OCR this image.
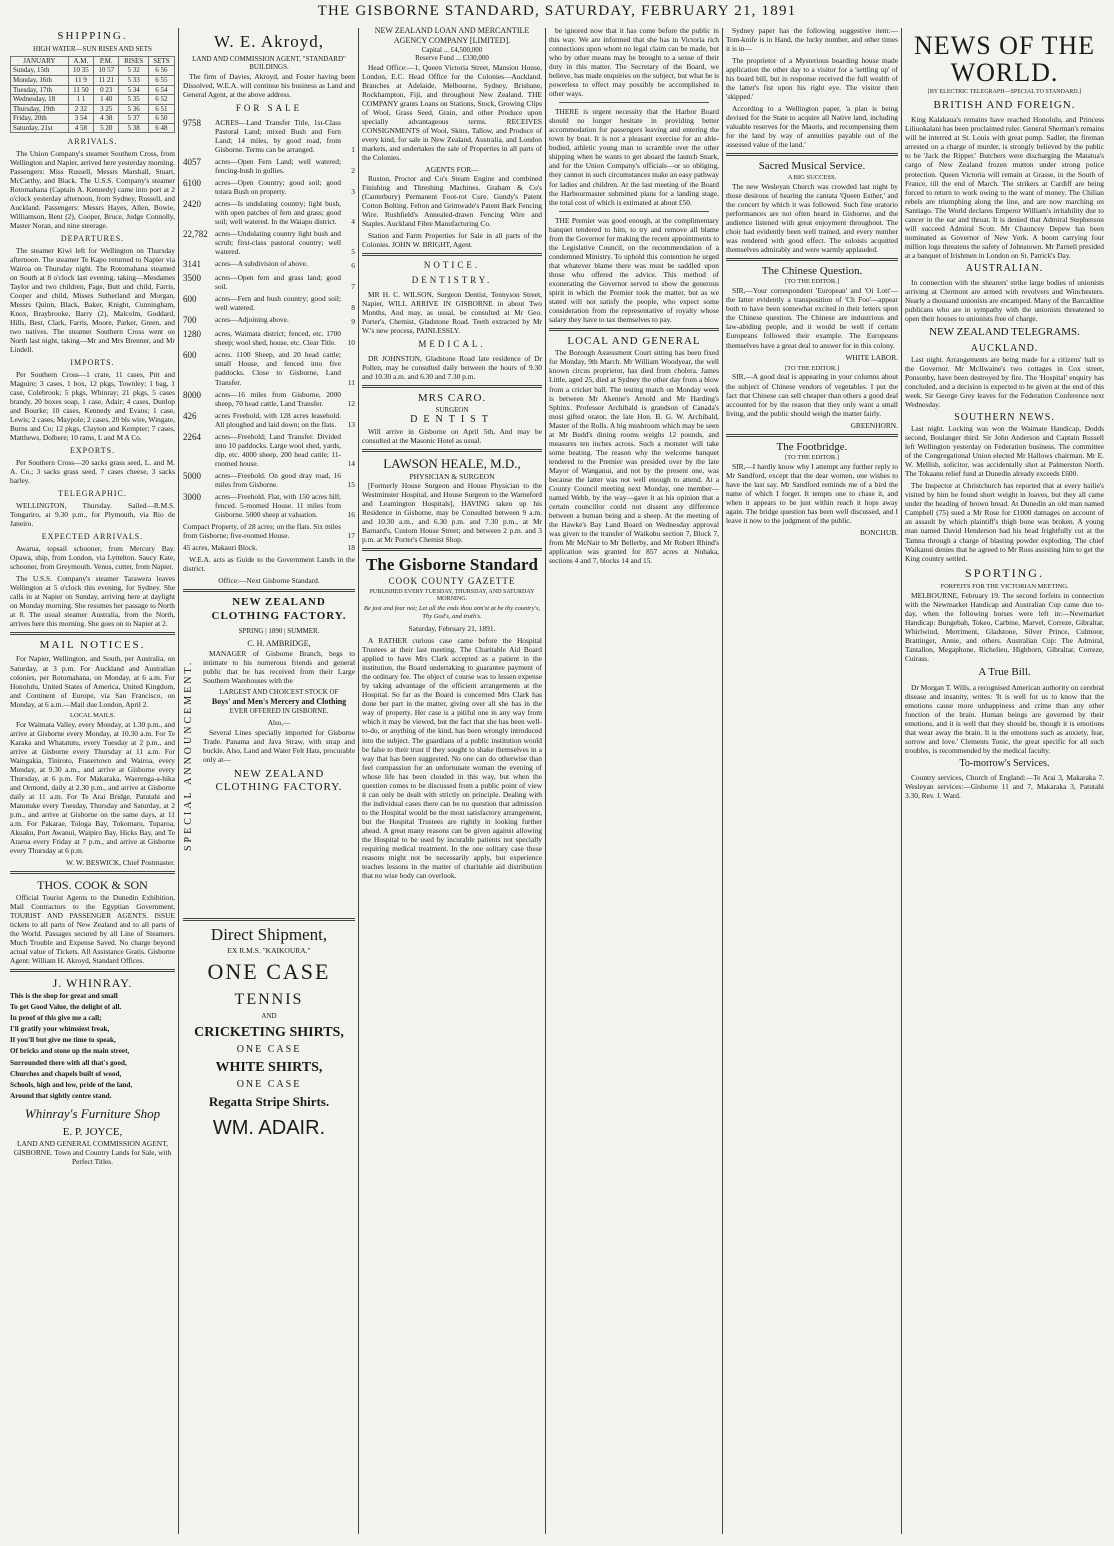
THE GISBORNE STANDARD, SATURDAY, FEBRUARY 21, 1891
SHIPPING.
HIGH WATER—SUN RISES AND SETS
JANUARY	A.M.	P.M.	RISES	SETS
Sunday, 15th	10 35	10 57	5 32	6 56
Monday, 16th	11 9	11 21	5 33	6 55
Tuesday, 17th	11 50	0 23	5 34	6 54
Wednesday, 18	1 1	1 40	5 35	6 52
Thursday, 19th	2 32	3 25	5 36	6 51
Friday, 20th	3 54	4 38	5 37	6 50
Saturday, 21st	4 58	5 20	5 38	6 48
ARRIVALS.

The Union Company's steamer Southern Cross, from Wellington and Napier, arrived here yesterday morning. Passengers: Miss Russell, Messrs Marshall, Stuart, McCarthy, and Black. The U.S.S. Company's steamer Rotomahana (Captain A. Kennedy) came into port at 2 o'clock yesterday afternoon, from Sydney, Russell, and Auckland. Passengers: Messrs Hayes, Allen, Bowie, Williamson, Bent (2), Cooper, Bruce, Judge Connolly, Master Noran, and nine steerage.

DEPARTURES.

The steamer Kiwi left for Wellington on Thursday afternoon. The steamer Te Kapo returned to Napier via Wairoa on Thursday night. The Rotomahana steamed on South at 8 o'clock last evening, taking—Mesdames Taylor and two children, Page, Butt and child, Farris, Cooper and child, Misses Sutherland and Morgan, Messrs Quinn, Black, Baker, Knight, Cunningham, Knox, Braybrooke, Barry (2), Malcolm, Goddard, Hills, Best, Clark, Farris, Moore, Parker, Green, and two natives. The steamer Southern Cross went on North last night, taking—Mr and Mrs Brenner, and Mr Lindell.

IMPORTS.

Per Southern Cross—1 crate, 11 cases, Pitt and Maguire; 3 cases, 1 box, 12 pkgs, Townley; 1 bag, 1 case, Colebrook; 5 pkgs, Whinray; 21 pkgs, 5 cases brandy, 20 boxes soap, 1 case, Adair; 4 cases, Dunlop and Bourke; 10 cases, Kennedy and Evans; 1 case, Lewis; 2 cases, Maypole; 2 cases, 20 bls wire, Wingate, Burns and Co; 12 pkgs, Clayton and Kempter; 7 cases, Matthews, Dolbere; 10 rams, L and M A Co.

EXPORTS.

Per Southern Cross—20 sacks grass seed, L. and M. A. Co.; 3 sacks grass seed, 7 cases cheese, 3 sacks barley.

TELEGRAPHIC.

WELLINGTON, Thursday. Sailed—R.M.S. Tongariro, at 9.30 p.m., for Plymouth, via Rio de Janeiro.

EXPECTED ARRIVALS.

Awarua, topsail schooner, from Mercury Bay. Opawa, ship, from London, via Lyttelton. Saucy Kate, schooner, from Greymouth. Venus, cutter, from Napier.

The U.S.S. Company's steamer Tarawera leaves Wellington at 5 o'clock this evening, for Sydney. She calls in at Napier on Sunday, arriving here at daylight on Monday morning. She resumes her passage to North at 8. The usual steamer Australia, from the North, arrives here this morning. She goes on to Napier at 2.

MAIL NOTICES.

For Napier, Wellington, and South, per Australia, on Saturday, at 3 p.m. For Auckland and Australian colonies, per Rotomahana, on Monday, at 6 a.m. For Honolulu, United States of America, United Kingdom, and Continent of Europe, via San Francisco, on Monday, at 6 a.m.—Mail due London, April 2.

LOCAL MAILS.

For Waimata Valley, every Monday, at 1.30 p.m., and arrive at Gisborne every Monday, at 10.30 a.m. For Te Karaka and Whatatutu, every Tuesday at 2 p.m., and arrive at Gisborne every Thursday at 11 a.m. For Waingakia, Tiniroto, Frasertown and Wairoa, every Monday, at 9.30 a.m., and arrive at Gisborne every Thursday, at 6 p.m. For Makaraka, Waerenga-a-hika and Ormond, daily at 2.30 p.m., and arrive at Gisborne daily at 11 a.m. For Te Arai Bridge, Patutahi and Manutuke every Tuesday, Thursday and Saturday, at 2 p.m., and arrive at Gisborne on the same days, at 11 a.m. For Pakarae, Tologa Bay, Tokomaru, Tuparoa, Akuaku, Port Awanui, Waipiro Bay, Hicks Bay, and Te Araroa every Friday at 7 p.m., and arrive at Gisborne every Thursday at 6 p.m.

W. W. BESWICK, Chief Postmaster.

THOS. COOK & SON

Official Tourist Agents to the Dunedin Exhibition, Mail Contractors to the Egyptian Government, TOURIST AND PASSENGER AGENTS. ISSUE tickets to all parts of New Zealand and to all parts of the World. Passages secured by all Line of Steamers. Much Trouble and Expense Saved. No charge beyond actual value of Tickets. All Assistance Gratis. Gisborne Agent: William H. Akroyd, Standard Offices.

J. WHINRAY.
This is the shop for great and small
To get Good Value, the delight of all.
In proof of this give me a call;
I'll gratify your whimsiest freak,
If you'll but give me time to speak,
Of bricks and stone up the main street,
Surrounded there with all that's good,
Churches and chapels built of wood,
Schools, high and low, pride of the land,
Around that sightly centre stand.
Whinray's Furniture Shop
E. P. JOYCE,

LAND AND GENERAL COMMISSION AGENT, GISBORNE. Town and Country Lands for Sale, with Perfect Titles.

W. E. Akroyd,
LAND AND COMMISSION AGENT, "STANDARD" BUILDINGS.

The firm of Davies, Akroyd, and Foster having been Dissolved, W.E.A. will continue his business as Land and General Agent, at the above address.

FOR SALE
9758	ACRES—Land Transfer Title, 1st-Class Pastoral Land; mixed Bush and Fern Land; 14 miles, by good road, from Gisborne. Terms can be arranged.	1
4057	acres—Open Fern Land; well watered; fencing-bush in gullies.	2
6100	acres—Open Country; good soil; good totara Bush on property.	3
2420	acres—Is undulating country; light bush, with open patches of fern and grass; good soil; well watered. In the Waiapu district.	4
22,782 acres—Undulating country light bush and scrub; first-class pastoral country; well watered.	5
3141	acres—A subdivision of above.	6
3500	acres—Open fern and grass land; good soil.	7
600	acres—Fern and bush country; good soil; well watered.	8
700	acres—Adjoining above.	9
1280	acres, Waimata district; fenced, etc. 1700 sheep; wool shed, house, etc. Clear Title.	10
600	acres. 1100 Sheep, and 20 head cattle; small House, and fenced into five paddocks. Close to Gisborne, Land Transfer.	11
8000	acres—16 miles from Gisborne, 2000 sheep, 70 head cattle, Land Transfer.	12
426	acres Freehold, with 128 acres leasehold. All ploughed and laid down; on the flats.	13
2264	acres—Freehold; Land Transfer. Divided into 10 paddocks. Large wool shed, yards, dip, etc. 4000 sheep, 200 head cattle; 11-roomed house.	14
5000	acres—Freehold. On good dray road, 16 miles from Gisborne.	15
3000	acres—Freehold. Flat, with 150 acres hill; fenced. 5-roomed House. 11 miles from Gisborne. 5000 sheep at valuation.	16
Compact Property, of 28 acres; on the flats. Six miles from Gisborne; five-roomed House.	17
45 acres, Makauri Block.	18

W.E.A. acts as Guide to the Government Lands in the district.

Office:—Next Gisborne Standard.

SPECIAL ANNOUNCEMENT.
NEW ZEALAND CLOTHING FACTORY.
SPRING | 1890 | SUMMER.
C. H. AMBRIDGE,

MANAGER of Gisborne Branch, begs to intimate to his numerous friends and general public that he has received from their Large Southern Warehouses with the

LARGEST AND CHOICEST STOCK OF
Boys' and Men's Mercery and Clothing
EVER OFFERED IN GISBORNE.
Also,—

Several Lines specially imported for Gisborne Trade. Panama and Java Straw, with strap and buckle. Also, Land and Water Felt Hats, procurable only at—

NEW ZEALAND CLOTHING FACTORY.
Direct Shipment,
EX R.M.S. "KAIKOURA."
ONE CASE
TENNIS
AND
CRICKETING SHIRTS,
ONE CASE
WHITE SHIRTS,
ONE CASE
Regatta Stripe Shirts.
WM. ADAIR.
NEW ZEALAND LOAN AND MERCANTILE AGENCY COMPANY [LIMITED].
Capital ... £4,500,000
Reserve Fund ... £330,000

Head Office:—1, Queen Victoria Street, Mansion House, London, E.C. Head Office for the Colonies—Auckland. Branches at Adelaide, Melbourne, Sydney, Brisbane, Rockhampton, Fiji, and throughout New Zealand. THE COMPANY grants Loans on Stations, Stock, Growing Clips of Wool, Grass Seed, Grain, and other Produce upon specially advantageous terms. RECEIVES CONSIGNMENTS of Wool, Skins, Tallow, and Produce of every kind, for sale in New Zealand, Australia, and London markets, and undertakes the sale of Properties in all parts of the Colonies.

AGENTS FOR—

Ruston, Proctor and Co's Steam Engine and combined Finishing and Threshing Machines. Graham & Co's (Canterbury) Permanent Foot-rot Cure. Gundy's Patent Cotton Bolting. Felton and Grimwade's Patent Bark Fencing Wire. Rushfield's Annealed-drawn Fencing Wire and Staples. Auckland Fibre Manufacturing Co.

Station and Farm Properties for Sale in all parts of the Colonies. JOHN W. BRIGHT, Agent.

NOTICE.
DENTISTRY.

MR H. C. WILSON, Surgeon Dentist, Tennyson Street, Napier, WILL ARRIVE IN GISBORNE in about Two Months, And may, as usual, be consulted at Mr Geo. Porter's, Chemist, Gladstone Road. Teeth extracted by Mr W.'s new process, PAINLESSLY.

MEDICAL.

DR JOHNSTON, Gladstone Road late residence of Dr Pollen, may be consulted daily between the hours of 9.30 and 10.30 a.m. and 6.30 and 7.30 p.m.

MRS CARO.
SURGEON
DENTIST

Will arrive in Gisborne on April 5th, And may be consulted at the Masonic Hotel as usual.

LAWSON HEALE, M.D.,
PHYSICIAN & SURGEON

[Formerly House Surgeon and House Physician to the Westminster Hospital, and House Surgeon to the Warneford and Leamington Hospitals], HAVING taken up his Residence in Gisborne, may be Consulted between 9 a.m. and 10.30 a.m., and 6.30 p.m. and 7.30 p.m., at Mr Barnard's, Custom House Street; and between 2 p.m. and 3 p.m. at Mr Porter's Chemist Shop.

The Gisborne Standard
COOK COUNTY GAZETTE
PUBLISHED EVERY TUESDAY, THURSDAY, AND SATURDAY MORNING.
Be just and fear not; Let all the ends thou aim'st at be thy country's, Thy God's, and truth's.
Saturday, February 21, 1891.

A RATHER curious case came before the Hospital Trustees at their last meeting. The Charitable Aid Board applied to have Mrs Clark accepted as a patient in the institution, the Board undertaking to guarantee payment of the ordinary fee. The object of course was to lessen expense by taking advantage of the efficient arrangements at the Hospital. So far as the Board is concerned Mrs Clark has done her part in the matter, giving over all she has in the way of property. Her case is a pitiful one in any way from which it may be viewed, but the fact that she has been well-to-do, or anything of the kind, has been wrongly introduced into the subject. The guardians of a public institution would be false to their trust if they sought to shake themselves in a way that has been suggested. No one can do otherwise than feel compassion for an unfortunate woman the evening of whose life has been clouded in this way, but when the question comes to be discussed from a public point of view it can only be dealt with strictly on principle. Dealing with the individual cases there can be no question that admission to the Hospital would be the most satisfactory arrangement, but the Hospital Trustees are rightly in looking further ahead. A great many reasons can be given against allowing the Hospital to be used by incurable patients not specially requiring medical treatment. In the one solitary case these reasons might not be necessarily apply, but experience teaches lessons in the matter of charitable aid distribution that no wise body can overlook.

be ignored now that it has come before the public in this way. We are informed that she has in Victoria rich connections upon whom no legal claim can be made, but who by other means may be brought to a sense of their duty in this matter. The Secretary of the Board, we believe, has made enquiries on the subject, but what he is powerless to effect may possibly be accomplished in other ways.

THERE is urgent necessity that the Harbor Board should no longer hesitate in providing better accommodation for passengers leaving and entering the town by boat. It is not a pleasant exercise for an able-bodied, athletic young man to scramble over the other shipping when he wants to get aboard the launch Snark, and for the Union Company's officials—or so obliging, they cannot in such circumstances make an easy pathway for ladies and children. At the last meeting of the Board the Harbourmaster submitted plans for a landing stage, the total cost of which is estimated at about £50.

THE Premier was good enough, at the complimentary banquet tendered to him, to try and remove all blame from the Governor for making the recent appointments to the Legislative Council, on the recommendation of a condemned Ministry. To uphold this contention he urged that whatever blame there was must be saddled upon those who offered the advice. This method of exonerating the Governor served to show the generous spirit in which the Premier took the matter, but as we stated will not satisfy the people, who expect some consideration from the representative of royalty whose salary they have to tax themselves to pay.

LOCAL AND GENERAL

The Borough Assessment Court sitting has been fixed for Monday, 9th March. Mr William Woodyear, the well known circus proprietor, has died from cholera. James Little, aged 25, died at Sydney the other day from a blow from a cricket ball. The testing match on Monday week is between Mr Akenne's Arnold and Mr Harding's Sphinx. Professor Archibald is grandson of Canada's most gifted orator, the late Hon. B. G. W. Archibald, Master of the Rolls. A big mushroom which may be seen at Mr Budd's dining rooms weighs 12 pounds, and measures ten inches across. Such a monster will take some beating. The reason why the welcome banquet tendered to the Premier was presided over by the late Mayor of Wanganui, and not by the present one, was because the latter was not well enough to attend. At a County Council meeting next Monday, one member—named Webb, by the way—gave it as his opinion that a certain councillor could not dissent any difference between a human being and a sheep. At the meeting of the Hawke's Bay Land Board on Wednesday approval was given to the transfer of Waikohu section 7, Block 7, from Mr McNair to Mr Bellerby, and Mr Robert Rhind's application was granted for 857 acres at Nuhaka, sections 4 and 7, blocks 14 and 15.

Sydney paper has the following suggestive item:—Tom-knife is in Hand, the lucky number, and other times it is in—

The proprietor of a Mysterious boarding house made application the other day to a visitor for a 'settling up' of his board bill, but in response received the full wealth of the latter's fist upon his right eye. The visitor then 'skipped.'

According to a Wellington paper, 'a plan is being devised for the State to acquire all Native land, including valuable reserves for the Maoris, and recompensing them for the land by way of annuities payable out of the assessed value of the land.'

Sacred Musical Service.
A BIG SUCCESS.

The new Wesleyan Church was crowded last night by those desirous of hearing the cantata 'Queen Esther,' and the concert by which it was followed. Such fine oratorio performances are not often heard in Gisborne, and the audience listened with great enjoyment throughout. The choir had evidently been well trained, and every number was rendered with good effect. The soloists acquitted themselves admirably and were warmly applauded.

The Chinese Question.
[TO THE EDITOR.]

SIR,—Your correspondent 'European' and 'Oi Lott'—the latter evidently a transposition of 'Ch Foo'—appear both to have been somewhat excited in their letters upon the Chinese question. The Chinese are industrious and law-abiding people, and it would be well if certain Europeans followed their example. The Europeans themselves have a great deal to answer for in this colony.

WHITE LABOR.

[TO THE EDITOR.]

SIR,—A good deal is appearing in your columns about the subject of Chinese vendors of vegetables. I put the fact that Chinese can sell cheaper than others a good deal accounted for by the reason that they only want a small living, and the public should weigh the matter fairly.

GREENHORN.

The Footbridge.
[TO THE EDITOR.]

SIR,—I hardly know why I attempt any further reply to Mr Sandford, except that the dear women, one wishes to have the last say. Mr Sandford reminds me of a bird the name of which I forget. It tempts one to chase it, and when it appears to be just within reach it hops away again. The bridge question has been well discussed, and I leave it now to the judgment of the public.

BONCHUB.

NEWS OF THE WORLD.
[BY ELECTRIC TELEGRAPH—SPECIAL TO STANDARD.]
BRITISH AND FOREIGN.

King Kalakaua's remains have reached Honolulu, and Princess Liliuokalani has been proclaimed ruler. General Sherman's remains will be interred at St. Louis with great pomp. Sadler, the fireman arrested on a charge of murder, is strongly believed by the public to be 'Jack the Ripper.' Butchers were discharging the Matatua's cargo of New Zealand frozen mutton under strong police protection. Queen Victoria will remain at Grasse, in the South of France, till the end of March. The strikers at Cardiff are being forced to return to work owing to the want of money. The Chilian rebels are triumphing along the line, and are now marching on Santiago. The World declares Emperor William's irritability due to cancer in the ear and throat. It is denied that Admiral Stephenson will succeed Admiral Scott. Mr Chauncey Depew has been nominated as Governor of New York. A boom carrying four million logs threatens the safety of Johnstown. Mr Parnell presided at a banquet of Irishmen in London on St. Patrick's Day.

AUSTRALIAN.

In connection with the shearers' strike large bodies of unionists arriving at Clermont are armed with revolvers and Winchesters. Nearly a thousand unionists are encamped. Many of the Barcaldine publicans who are in sympathy with the unionists threatened to open their houses to unionists free of charge.

NEW ZEALAND TELEGRAMS.
AUCKLAND.

Last night. Arrangements are being made for a citizens' ball to the Governor. Mr McIlwaine's two cottages in Cox street, Ponsonby, have been destroyed by fire. The 'Hospital' enquiry has concluded, and a decision is expected to be given at the end of this week. Sir George Grey leaves for the Federation Conference next Wednesday.

SOUTHERN NEWS.

Last night. Locking was won the Waimate Handicap, Dodds second, Boulanger third. Sir John Anderson and Captain Russell left Wellington yesterday on Federation business. The committee of the Congregational Union elected Mr Hallows chairman. Mr E. W. Mellish, solicitor, was accidentally shot at Palmerston North. The Tokaanu relief fund at Dunedin already exceeds £600.

The Inspector at Christchurch has reported that at every bailie's visited by him he found short weight in loaves, but they all came under the heading of brown bread. At Dunedin an old man named Campbell (75) sued a Mr Rose for £1000 damages on account of an assault by which plaintiff's thigh bone was broken. A young man named David Henderson had his head frightfully cut at the Tamna through a charge of blasting powder exploding. The chief Waikanui denies that he agreed to Mr Ross assisting him to get the King country settled.

SPORTING.
FORFEITS FOR THE VICTORIAN MEETING.

MELBOURNE, February 19. The second forfeits in connection with the Newmarket Handicap and Australian Cup came due to-day, when the following horses were left in:—Newmarket Handicap: Bungebah, Tokeo, Carbine, Marvel, Correze, Gibraltar, Whirlwind, Merriment, Gladstone, Silver Prince, Culmoor, Brattinger, Annie, and others. Australian Cup: The Admiral, Tantallon, Megaphone, Richelieu, Highborn, Gibraltar, Correze, Cuirass.

A True Bill.

Dr Morgan T. Wills, a recognised American authority on cerebral disease and insanity, writes: 'It is well for us to know that the emotions cause more unhappiness and crime than any other function of the brain. Human beings are governed by their emotions, and it is well that they should be, though it is emotions that wear away the brain. It is the emotions such as anxiety, fear, sorrow and love.' Clements Tonic, the great specific for all such troubles, is recommended by the medical faculty.

To-morrow's Services.

Country services, Church of England:—Te Arai 3, Makaraka 7. Wesleyan services:—Gisborne 11 and 7, Makaraka 3, Patutahi 3.30, Rev. J. Ward.
